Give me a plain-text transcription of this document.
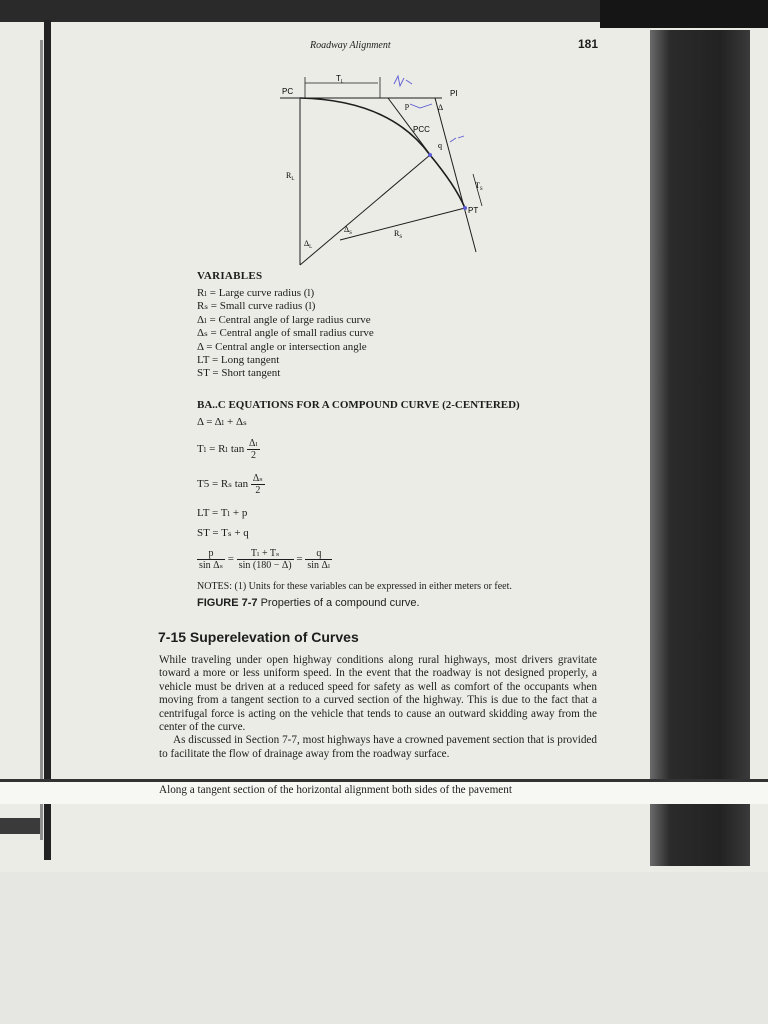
Roadway Alignment	181
PC
$T_L$
PI
p	Δ
PCC
q
$T_S$
PT
$R_L$
$R_S$
$\Delta_L$
$\Delta_S$
VARIABLES
Rₗ = Large curve radius (l)
Rₛ = Small curve radius (l)
Δₗ = Central angle of large radius curve
Δₛ = Central angle of small radius curve
Δ = Central angle or intersection angle
LT = Long tangent
ST = Short tangent
BA..C EQUATIONS FOR A COMPOUND CURVE (2-CENTERED)
Δ = Δₗ + Δₛ
Tₗ = Rₗ $\tan \frac{\text{Δₗ}}{2}$
T5 = Rₛ $\tan \frac{\text{Δₛ}}{2}$
LT = Tₗ + p
ST = Tₛ + q
$\frac{p}{\text{sin Δₛ}} = \frac{\text{Tₗ + Tₛ}}{\sin (180 - \Delta)} = \frac{q}{\text{sin Δₗ}}$
NOTES: (1) Units for these variables can be expressed in either meters or feet.
FIGURE 7-7 Properties of a compound curve.
7-15 Superelevation of Curves

While traveling under open highway conditions along rural highways, most drivers gravitate toward a more or less uniform speed. In the event that the roadway is not designed properly, a vehicle must be driven at a reduced speed for safety as well as comfort of the occupants when moving from a tangent section to a curved section of the highway. This is due to the fact that a centrifugal force is acting on the vehicle that tends to cause an outward skidding away from the center of the curve.

As discussed in Section 7-7, most highways have a crowned pavement section that is provided to facilitate the flow of drainage away from the roadway surface.

Along a tangent section of the horizontal alignment both sides of the pavement
